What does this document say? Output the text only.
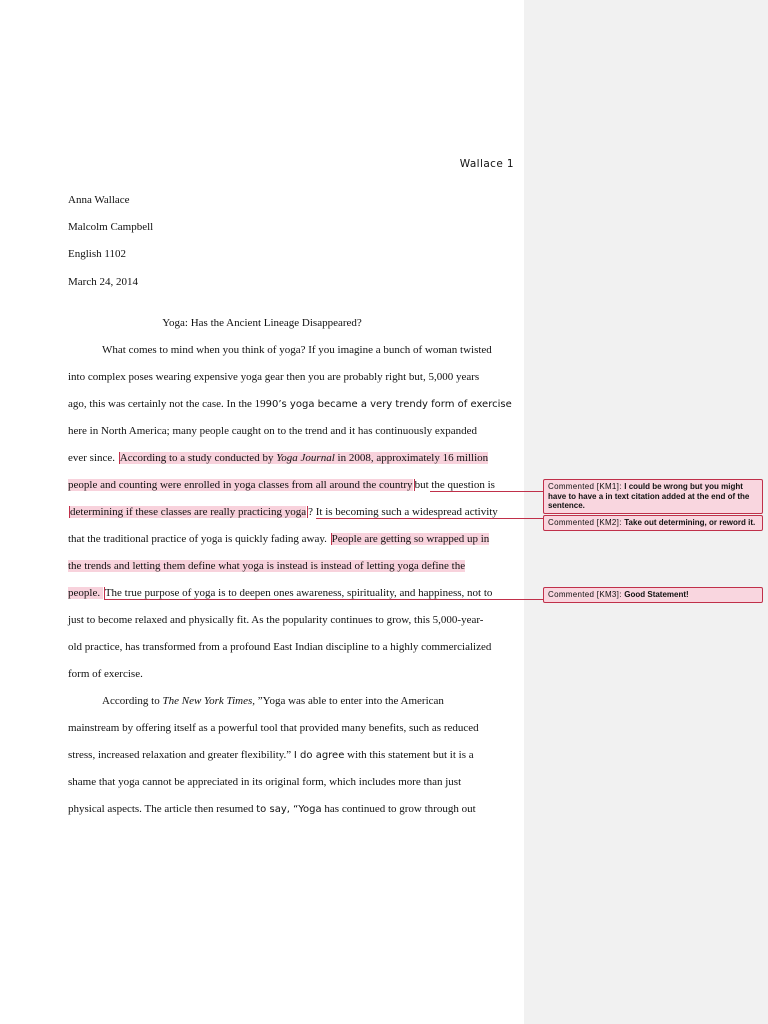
Wallace 1
Anna Wallace
Malcolm Campbell
English 1102
March 24, 2014
Yoga: Has the Ancient Lineage Disappeared?
What comes to mind when you think of yoga? If you imagine a bunch of woman twisted
into complex poses wearing expensive yoga gear then you are probably right but, 5,000 years
ago, this was certainly not the case. In the 1990’s yoga became a very trendy form of exercise
here in North America; many people caught on to the trend and it has continuously expanded
ever since. According to a study conducted by Yoga Journal in 2008, approximately 16 million
people and counting were enrolled in yoga classes from all around the country but the question is
determining if these classes are really practicing yoga ? It is becoming such a widespread activity
that the traditional practice of yoga is quickly fading away. People are getting so wrapped up in
the trends and letting them define what yoga is instead is instead of letting yoga define the
people. The true purpose of yoga is to deepen ones awareness, spirituality, and happiness, not to
just to become relaxed and physically fit. As the popularity continues to grow, this 5,000-year-
old practice, has transformed from a profound East Indian discipline to a highly commercialized
form of exercise.
According to The New York Times, ”Yoga was able to enter into the American
mainstream by offering itself as a powerful tool that provided many benefits, such as reduced
stress, increased relaxation and greater flexibility.” I do agree with this statement but it is a
shame that yoga cannot be appreciated in its original form, which includes more than just
physical aspects. The article then resumed to say, “Yoga has continued to grow through out
Commented [KM1]: I could be wrong but you might have to have a in text citation added at the end of the sentence.
Commented [KM2]: Take out determining, or reword it.
Commented [KM3]: Good Statement!
